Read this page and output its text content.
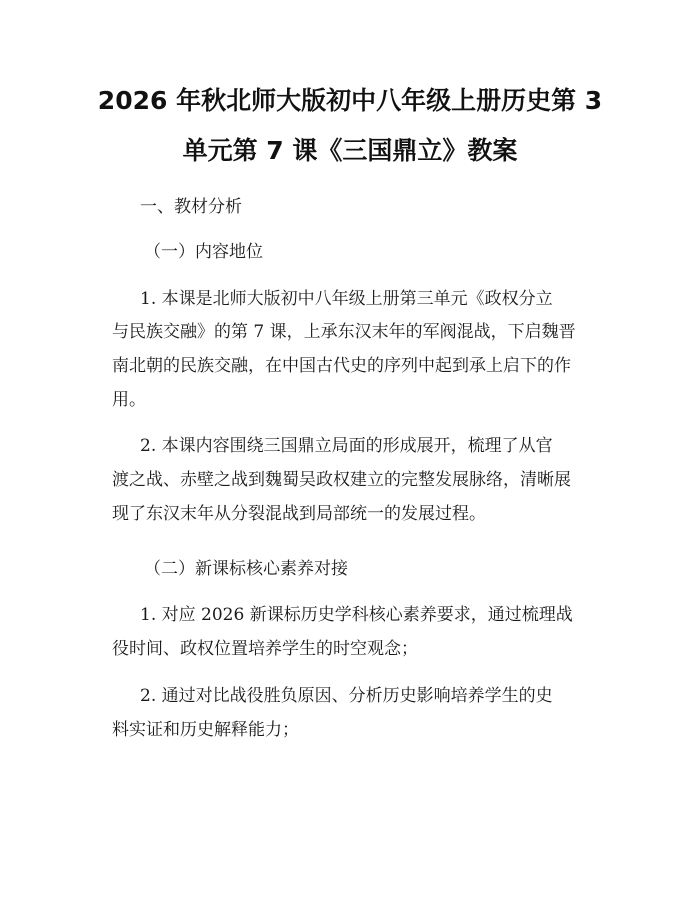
2026 年秋北师大版初中八年级上册历史第 3
单元第 7 课《三国鼎立》教案
一、教材分析
（一）内容地位
1. 本课是北师大版初中八年级上册第三单元《政权分立
与民族交融》的第 7 课，上承东汉末年的军阀混战，下启魏晋
南北朝的民族交融，在中国古代史的序列中起到承上启下的作
用。
2. 本课内容围绕三国鼎立局面的形成展开，梳理了从官
渡之战、赤壁之战到魏蜀吴政权建立的完整发展脉络，清晰展
现了东汉末年从分裂混战到局部统一的发展过程。
（二）新课标核心素养对接
1. 对应 2026 新课标历史学科核心素养要求，通过梳理战
役时间、政权位置培养学生的时空观念；
2. 通过对比战役胜负原因、分析历史影响培养学生的史
料实证和历史解释能力；
